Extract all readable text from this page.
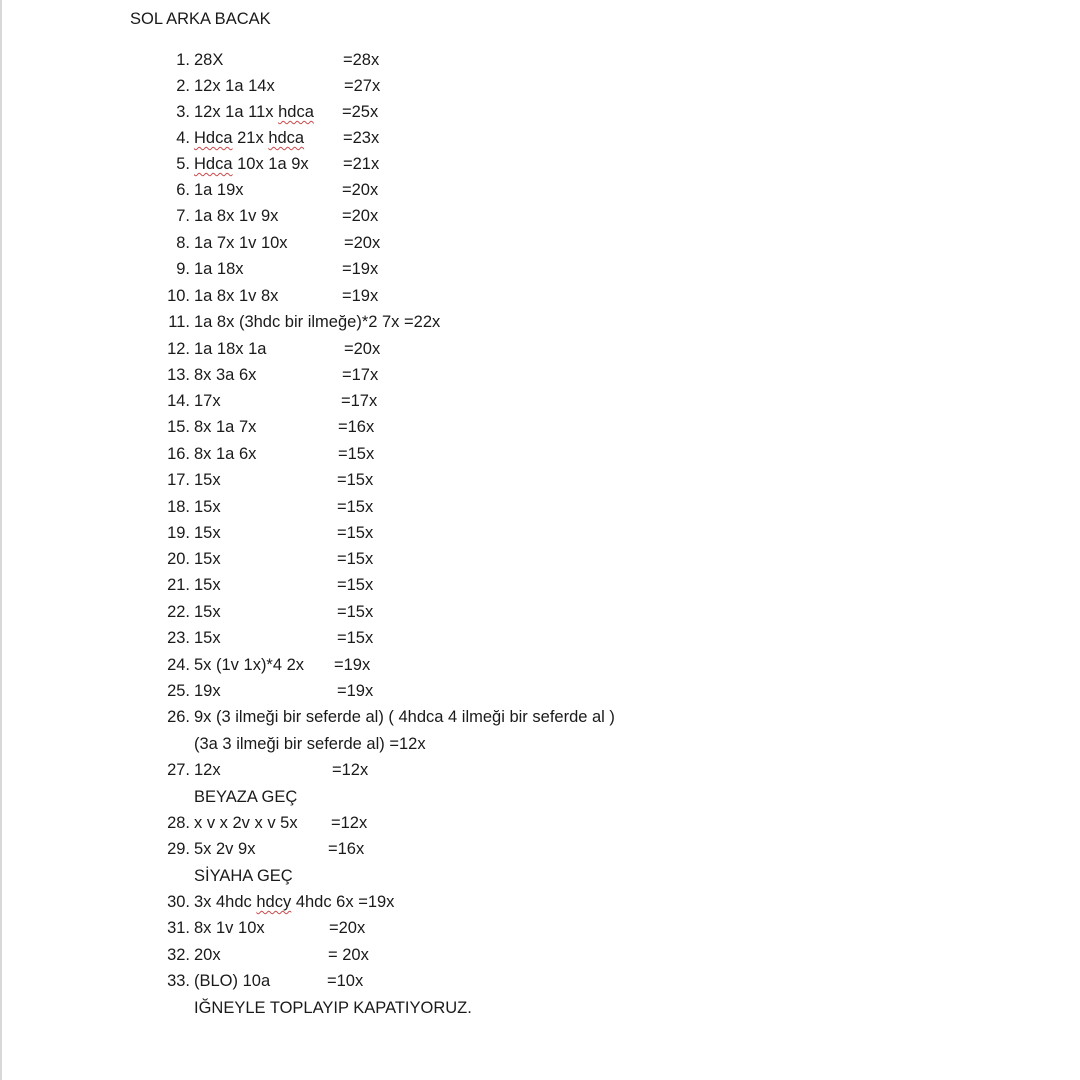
SOL ARKA BACAK
1. 28X	=28x
2. 12x 1a 14x	=27x
3. 12x 1a 11x hdca =25x
4. Hdca 21x hdca =23x
5. Hdca 10x 1a 9x =21x
6. 1a 19x	=20x
7. 1a 8x 1v 9x	=20x
8. 1a 7x 1v 10x	=20x
9. 1a 18x	=19x
10. 1a 8x 1v 8x	=19x
11. 1a 8x (3hdc bir ilmeğe)*2 7x =22x
12. 1a 18x 1a	=20x
13. 8x 3a 6x	=17x
14. 17x	=17x
15. 8x 1a 7x	=16x
16. 8x 1a 6x	=15x
17. 15x	=15x
18. 15x	=15x
19. 15x	=15x
20. 15x	=15x
21. 15x	=15x
22. 15x	=15x
23. 15x	=15x
24. 5x (1v 1x)*4 2x =19x
25. 19x	=19x
26. 9x (3 ilmeği bir seferde al) ( 4hdca 4 ilmeği bir seferde al )
(3a 3 ilmeği bir seferde al) =12x
27. 12x	=12x
BEYAZA GEÇ
28. x v x 2v x v 5x =12x
29. 5x 2v 9x	=16x
SİYAHA GEÇ
30. 3x 4hdc hdcy 4hdc 6x =19x
31. 8x 1v 10x	=20x
32. 20x	= 20x
33. (BLO) 10a	=10x
IĞNEYLE TOPLAYIP KAPATIYORUZ.
